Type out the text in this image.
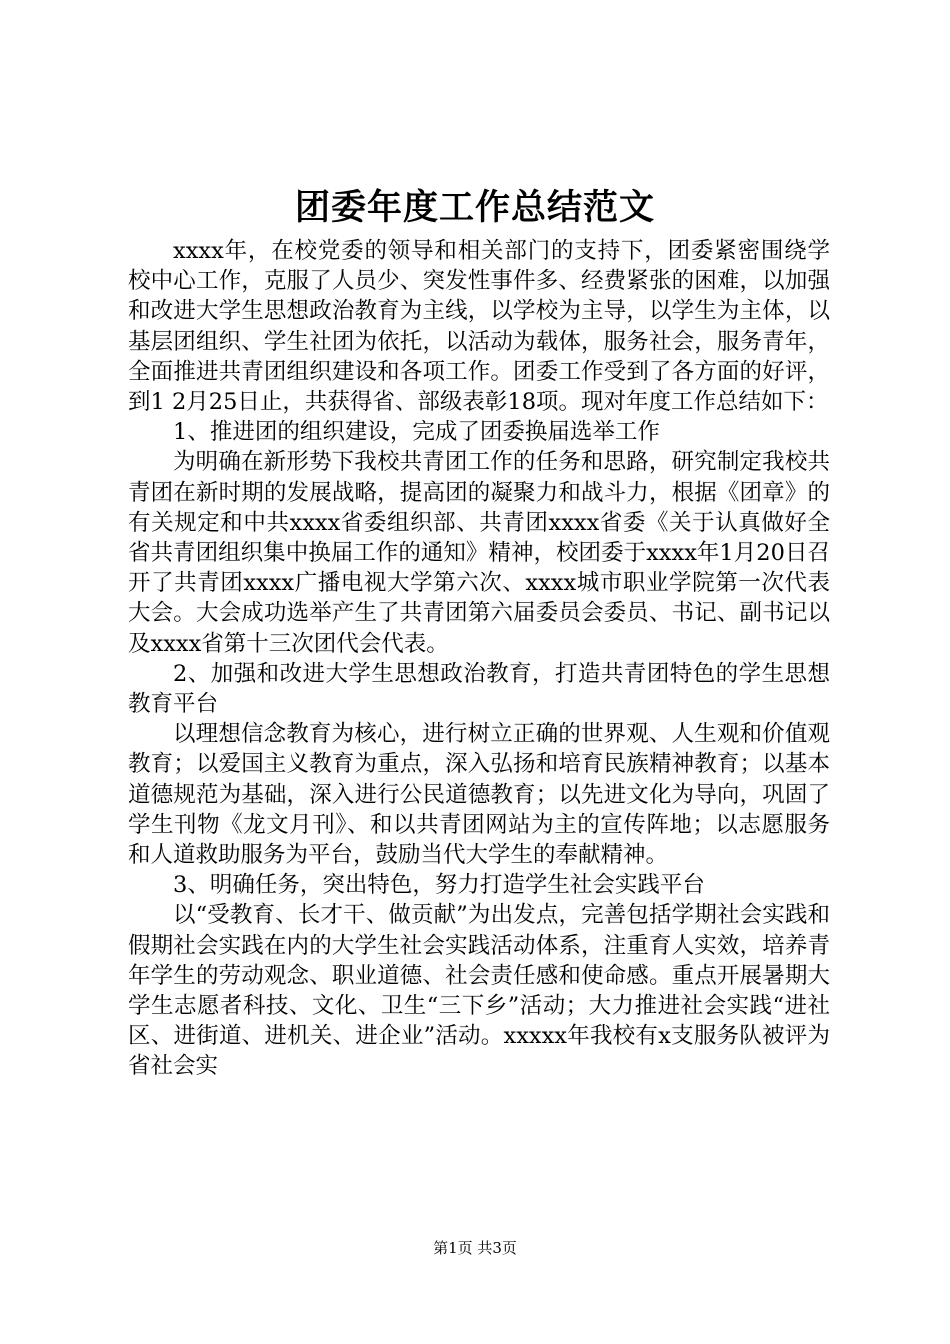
团委年度工作总结范文

xxxx年，在校党委的领导和相关部门的支持下，团委紧密围绕学校中心工作，克服了人员少、突发性事件多、经费紧张的困难，以加强和改进大学生思想政治教育为主线，以学校为主导，以学生为主体，以基层团组织、学生社团为依托，以活动为载体，服务社会，服务青年，全面推进共青团组织建设和各项工作。团委工作受到了各方面的好评，到1 2月25日止，共获得省、部级表彰18项。现对年度工作总结如下：

1、推进团的组织建设，完成了团委换届选举工作

为明确在新形势下我校共青团工作的任务和思路，研究制定我校共青团在新时期的发展战略，提高团的凝聚力和战斗力，根据《团章》的有关规定和中共xxxx省委组织部、共青团xxxx省委《关于认真做好全省共青团组织集中换届工作的通知》精神，校团委于xxxx年1月20日召开了共青团xxxx广播电视大学第六次、xxxx城市职业学院第一次代表大会。大会成功选举产生了共青团第六届委员会委员、书记、副书记以及xxxx省第十三次团代会代表。

2、加强和改进大学生思想政治教育，打造共青团特色的学生思想教育平台

以理想信念教育为核心，进行树立正确的世界观、人生观和价值观教育；以爱国主义教育为重点，深入弘扬和培育民族精神教育；以基本道德规范为基础，深入进行公民道德教育；以先进文化为导向，巩固了学生刊物《龙文月刊》、和以共青团网站为主的宣传阵地；以志愿服务和人道救助服务为平台，鼓励当代大学生的奉献精神。

3、明确任务，突出特色，努力打造学生社会实践平台

以“受教育、长才干、做贡献”为出发点，完善包括学期社会实践和假期社会实践在内的大学生社会实践活动体系，注重育人实效，培养青年学生的劳动观念、职业道德、社会责任感和使命感。重点开展暑期大学生志愿者科技、文化、卫生“三下乡”活动；大力推进社会实践“进社区、进街道、进机关、进企业”活动。xxxxx年我校有x支服务队被评为省社会实

第1页 共3页
